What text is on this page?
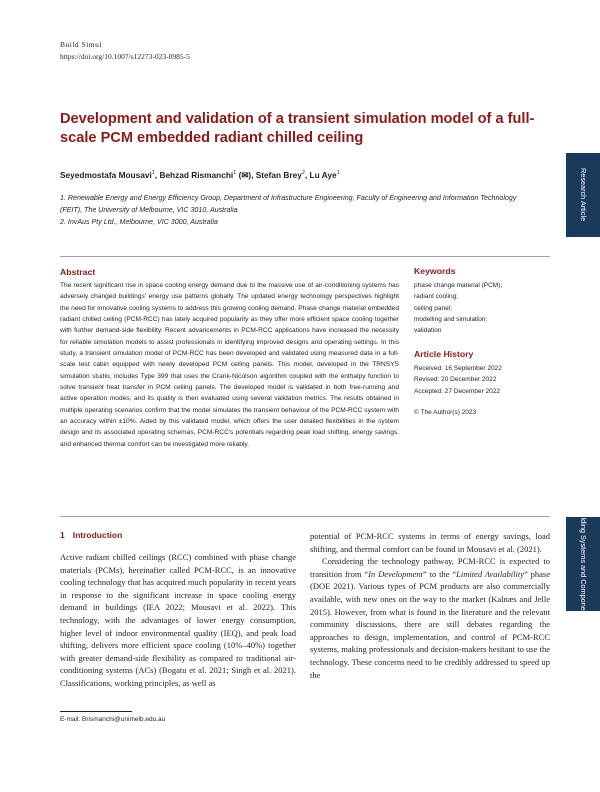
Build Simul
https://doi.org/10.1007/s12273-023-0985-5
Development and validation of a transient simulation model of a full-scale PCM embedded radiant chilled ceiling
Seyedmostafa Mousavi$^1$, Behzad Rismanchi$^1$ (✉), Stefan Brey$^2$, Lu Aye$^1$
1. Renewable Energy and Energy Efficiency Group, Department of Infrastructure Engineering, Faculty of Engineering and Information Technology (FEIT), The University of Melbourne, VIC 3010, Australia
2. InvAus Pty Ltd., Melbourne, VIC 3000, Australia
Abstract
The recent significant rise in space cooling energy demand due to the massive use of air-conditioning systems has adversely changed buildings' energy use patterns globally. The updated energy technology perspectives highlight the need for innovative cooling systems to address this growing cooling demand. Phase change material embedded radiant chilled ceiling (PCM-RCC) has lately acquired popularity as they offer more efficient space cooling together with further demand-side flexibility. Recent advancements in PCM-RCC applications have increased the necessity for reliable simulation models to assist professionals in identifying improved designs and operating settings. In this study, a transient simulation model of PCM-RCC has been developed and validated using measured data in a full-scale test cabin equipped with newly developed PCM ceiling panels. This model, developed in the TRNSYS simulation studio, includes Type 399 that uses the Crank-Nicolson algorithm coupled with the enthalpy function to solve transient heat transfer in PCM ceiling panels. The developed model is validated in both free-running and active operation modes, and its quality is then evaluated using several validation metrics. The results obtained in multiple operating scenarios confirm that the model simulates the transient behaviour of the PCM-RCC system with an accuracy within ±10%. Aided by this validated model, which offers the user detailed flexibilities in the system design and its associated operating schemas, PCM-RCC's potentials regarding peak load shifting, energy savings, and enhanced thermal comfort can be investigated more reliably.
Keywords
phase change material (PCM);
radiant cooling;
ceiling panel;
modelling and simulation;
validation
Article History
Received: 16 September 2022
Revised: 20 December 2022
Accepted: 27 December 2022
© The Author(s) 2023
1 Introduction

Active radiant chilled ceilings (RCC) combined with phase change materials (PCMs), hereinafter called PCM-RCC, is an innovative cooling technology that has acquired much popularity in recent years in response to the significant increase in space cooling energy demand in buildings (IEA 2022; Mousavi et al. 2022). This technology, with the advantages of lower energy consumption, higher level of indoor environmental quality (IEQ), and peak load shifting, delivers more efficient space cooling (10%–40%) together with greater demand-side flexibility as compared to traditional air-conditioning systems (ACs) (Bogatu et al. 2021; Singh et al. 2021). Classifications, working principles, as well as

potential of PCM-RCC systems in terms of energy savings, load shifting, and thermal comfort can be found in Mousavi et al. (2021).

Considering the technology pathway, PCM-RCC is expected to transition from “In Development” to the “Limited Availability” phase (DOE 2021). Various types of PCM products are also commercially available, with new ones on the way to the market (Kalnæs and Jelle 2015). However, from what is found in the literature and the relevant community discussions, there are still debates regarding the approaches to design, implementation, and control of PCM-RCC systems, making professionals and decision-makers hesitant to use the technology. These concerns need to be credibly addressed to speed up the

E-mail: Brismanchi@unimelb.edu.au
Research Article
Building Systems and Components
